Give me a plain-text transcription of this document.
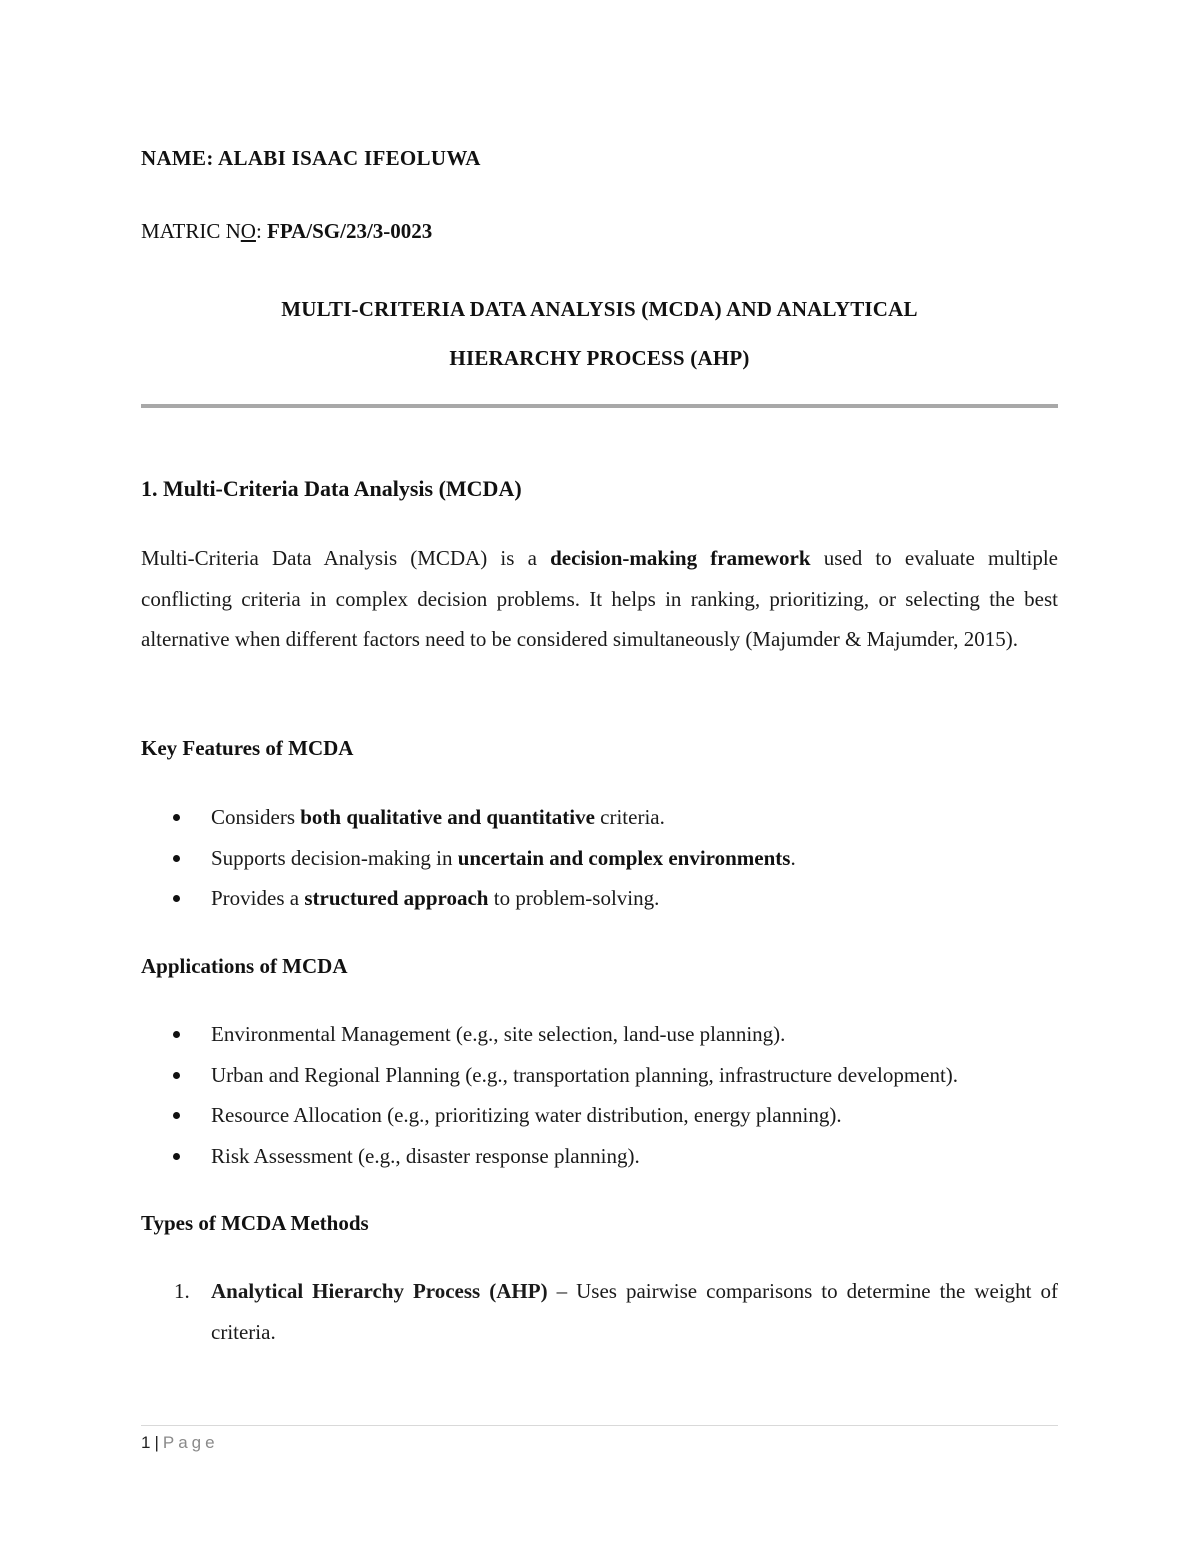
NAME: ALABI ISAAC IFEOLUWA
MATRIC NO: FPA/SG/23/3-0023
MULTI-CRITERIA DATA ANALYSIS (MCDA) AND ANALYTICAL
HIERARCHY PROCESS (AHP)
1. Multi-Criteria Data Analysis (MCDA)
Multi-Criteria Data Analysis (MCDA) is a decision-making framework used to evaluate multiple conflicting criteria in complex decision problems. It helps in ranking, prioritizing, or selecting the best alternative when different factors need to be considered simultaneously (Majumder & Majumder, 2015).
Key Features of MCDA
Considers both qualitative and quantitative criteria.
Supports decision-making in uncertain and complex environments.
Provides a structured approach to problem-solving.
Applications of MCDA
Environmental Management (e.g., site selection, land-use planning).
Urban and Regional Planning (e.g., transportation planning, infrastructure development).
Resource Allocation (e.g., prioritizing water distribution, energy planning).
Risk Assessment (e.g., disaster response planning).
Types of MCDA Methods
1. Analytical Hierarchy Process (AHP) – Uses pairwise comparisons to determine the weight of criteria.
1 | Page
